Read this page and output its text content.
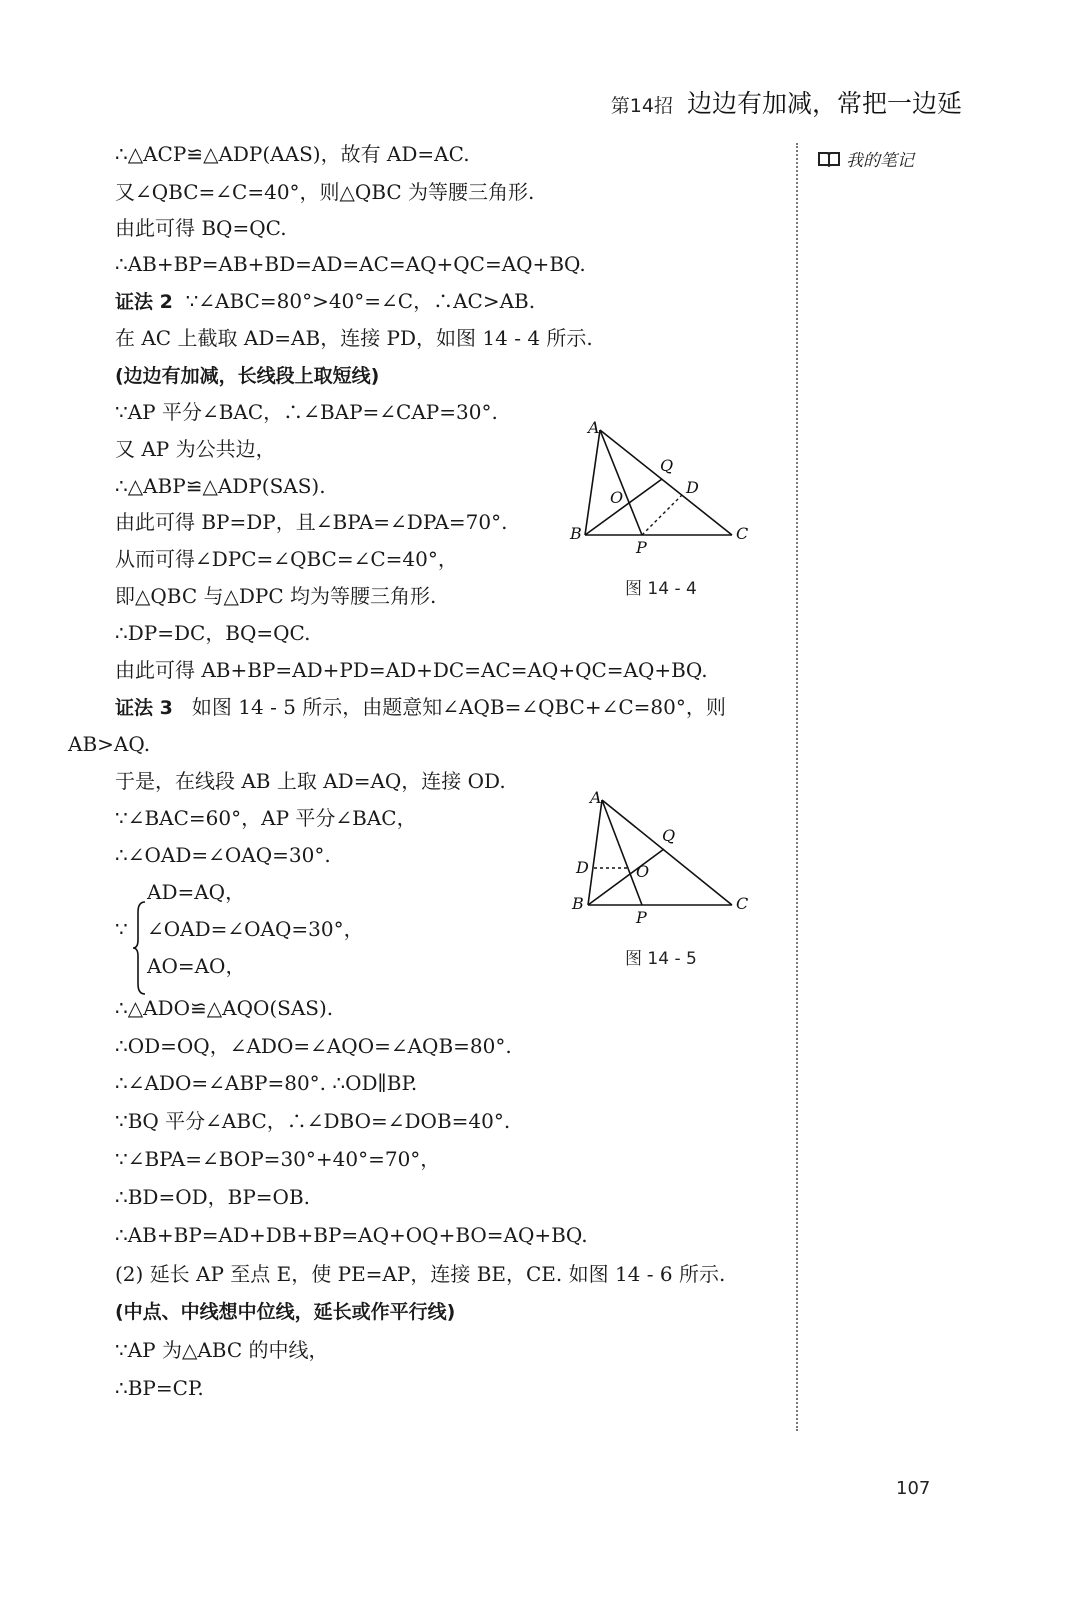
第14招 边边有加减，常把一边延
我的笔记
∴△ACP≌△ADP(AAS)，故有 AD=AC.
又∠QBC=∠C=40°，则△QBC 为等腰三角形.
由此可得 BQ=QC.
∴AB+BP=AB+BD=AD=AC=AQ+QC=AQ+BQ.
证法 2 ∵∠ABC=80°>40°=∠C，∴AC>AB.
在 AC 上截取 AD=AB，连接 PD，如图 14 - 4 所示.
(边边有加减，长线段上取短线)
∵AP 平分∠BAC，∴∠BAP=∠CAP=30°.
又 AP 为公共边，
∴△ABP≌△ADP(SAS).
由此可得 BP=DP，且∠BPA=∠DPA=70°.
从而可得∠DPC=∠QBC=∠C=40°，
即△QBC 与△DPC 均为等腰三角形.
∴DP=DC，BQ=QC.
由此可得 AB+BP=AD+PD=AD+DC=AC=AQ+QC=AQ+BQ.
证法 3 如图 14 - 5 所示，由题意知∠AQB=∠QBC+∠C=80°，则
AB>AQ.
于是，在线段 AB 上取 AD=AQ，连接 OD.
∵∠BAC=60°，AP 平分∠BAC，
∴∠OAD=∠OAQ=30°.
∵
AD=AQ，
∠OAD=∠OAQ=30°，
AO=AO，
∴△ADO≌△AQO(SAS).
∴OD=OQ，∠ADO=∠AQO=∠AQB=80°.
∴∠ADO=∠ABP=80°. ∴OD∥BP.
∵BQ 平分∠ABC，∴∠DBO=∠DOB=40°.
∵∠BPA=∠BOP=30°+40°=70°，
∴BD=OD，BP=OB.
∴AB+BP=AD+DB+BP=AQ+OQ+BO=AQ+BQ.
(2) 延长 AP 至点 E，使 PE=AP，连接 BE，CE. 如图 14 - 6 所示.
(中点、中线想中位线，延长或作平行线)
∵AP 为△ABC 的中线，
∴BP=CP.
A
B	C
P
Q
O
D
图 14 - 4
A
B	C
P
Q
O
D
图 14 - 5
107
